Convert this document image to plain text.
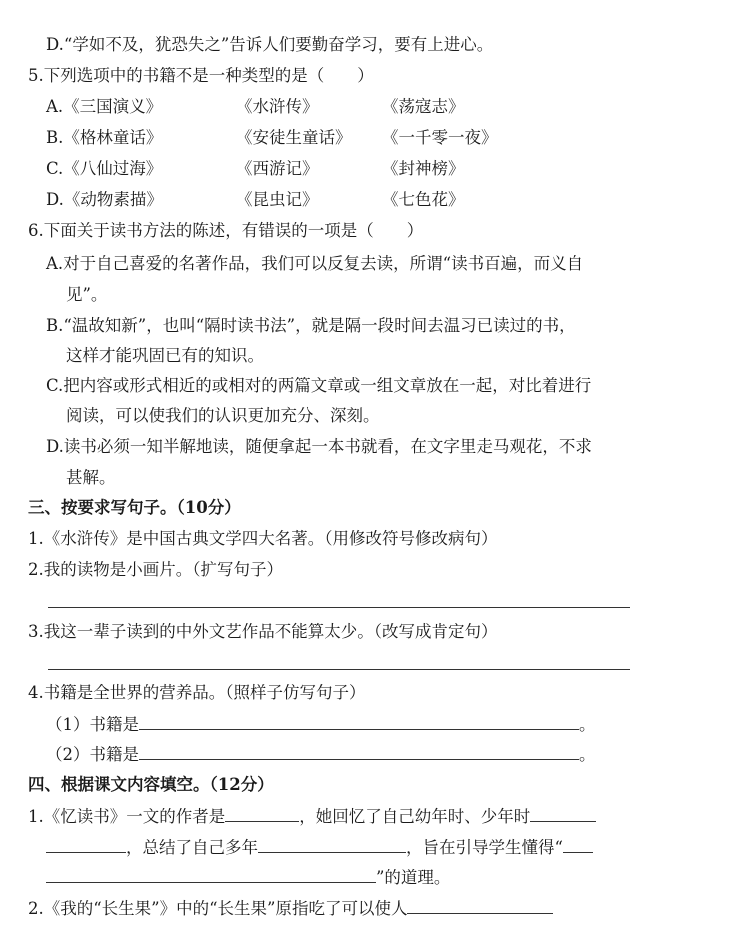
D.“学如不及，犹恐失之”告诉人们要勤奋学习，要有上进心。
5.下列选项中的书籍不是一种类型的是（　　）
A.《三国演义》	《水浒传》	《荡寇志》
B.《格林童话》	《安徒生童话》 《一千零一夜》
C.《八仙过海》	《西游记》	《封神榜》
D.《动物素描》	《昆虫记》	《七色花》
6.下面关于读书方法的陈述，有错误的一项是（　　）
A.对于自己喜爱的名著作品，我们可以反复去读，所谓“读书百遍，而义自
见”。
B.“温故知新”，也叫“隔时读书法”，就是隔一段时间去温习已读过的书，
这样才能巩固已有的知识。
C.把内容或形式相近的或相对的两篇文章或一组文章放在一起，对比着进行
阅读，可以使我们的认识更加充分、深刻。
D.读书必须一知半解地读，随便拿起一本书就看，在文字里走马观花，不求
甚解。
三、按要求写句子。（10分）
1.《水浒传》是中国古典文学四大名著。（用修改符号修改病句）
2.我的读物是小画片。（扩写句子）
3.我这一辈子读到的中外文艺作品不能算太少。（改写成肯定句）
4.书籍是全世界的营养品。（照样子仿写句子）
（1）书籍是	。
（2）书籍是	。
四、根据课文内容填空。（12分）
1.《忆读书》一文的作者是	，她回忆了自己幼年时、少年时
，总结了自己多年	，旨在引导学生懂得“
”的道理。
2.《我的“长生果”》中的“长生果”原指吃了可以使人
